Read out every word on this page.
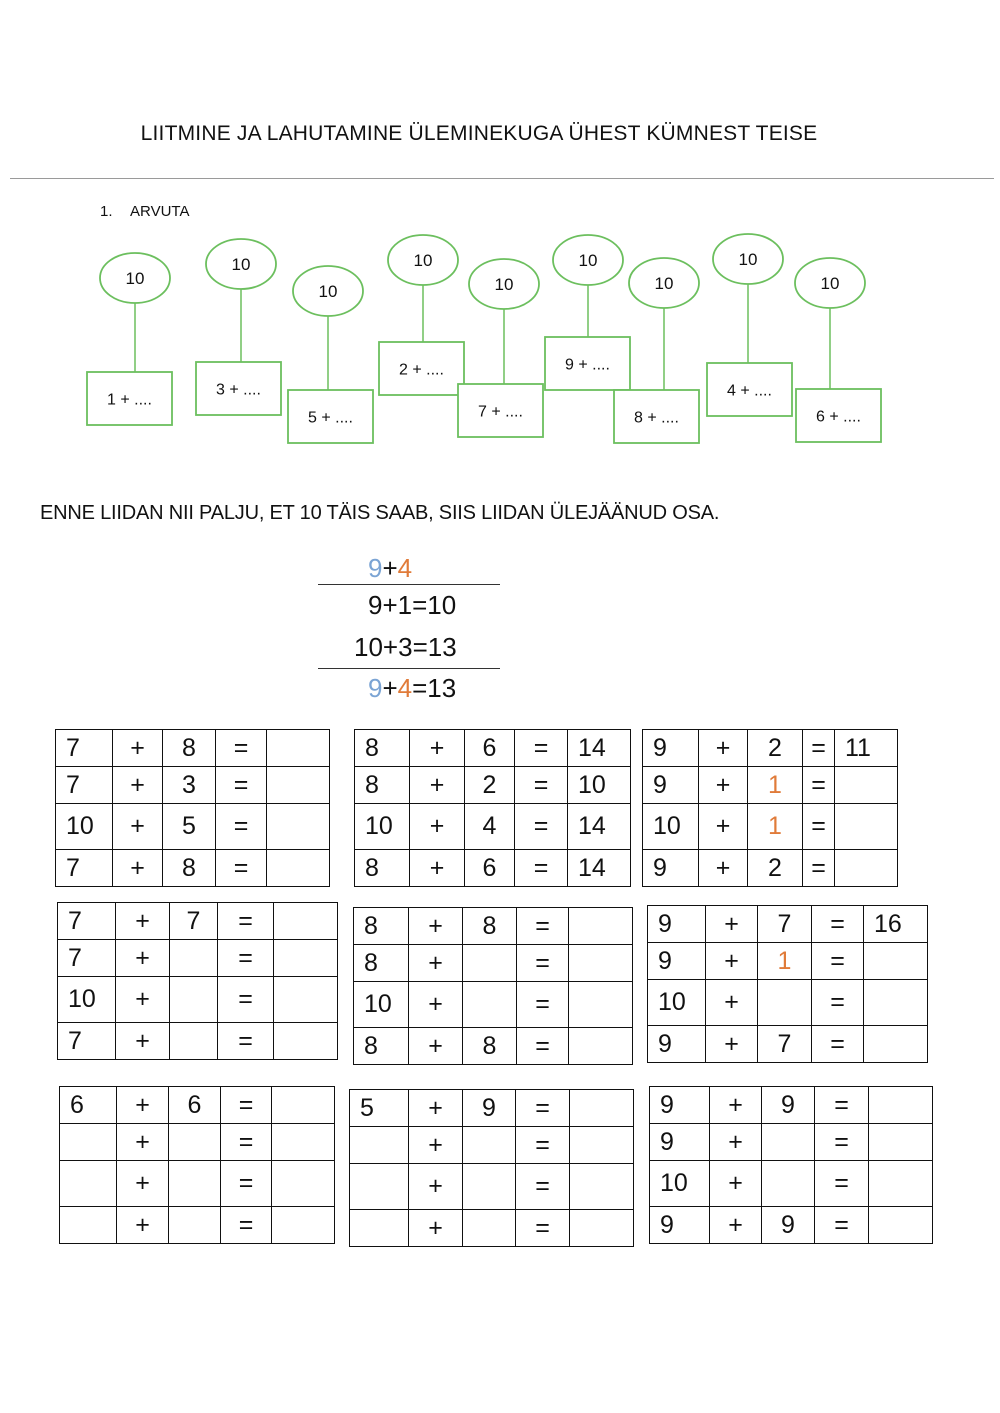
LIITMINE JA LAHUTAMINE ÜLEMINEKUGA ÜHEST KÜMNEST TEISE
1. ARVUTA
10
1 + ....
10
3 + ....
10
5 + ....
10
2 + ....
10
7 + ....
10
9 + ....
10
8 + ....
10
4 + ....
10
6 + ....
ENNE LIIDAN NII PALJU, ET 10 TÄIS SAAB, SIIS LIIDAN ÜLEJÄÄNUD OSA.
9+4
9+1=10
10+3=13
9+4=13
7	+	8	=	
7	+	3	=	
10	+	5	=	
7	+	8	=	
8	+	6	=	14
8	+	2	=	10
10	+	4	=	14
8	+	6	=	14
9	+	2	=	11
9	+	1	=	
10	+	1	=	
9	+	2	=	
7	+	7	=	
7	+		=	
10	+		=	
7	+		=	
8	+	8	=	
8	+		=	
10	+		=	
8	+	8	=	
9	+	7	=	16
9	+	1	=	
10	+		=	
9	+	7	=	
6	+	6	=	
	+		=	
	+		=	
	+		=	
5	+	9	=	
	+		=	
	+		=	
	+		=	
9	+	9	=	
9	+		=	
10	+		=	
9	+	9	=	
